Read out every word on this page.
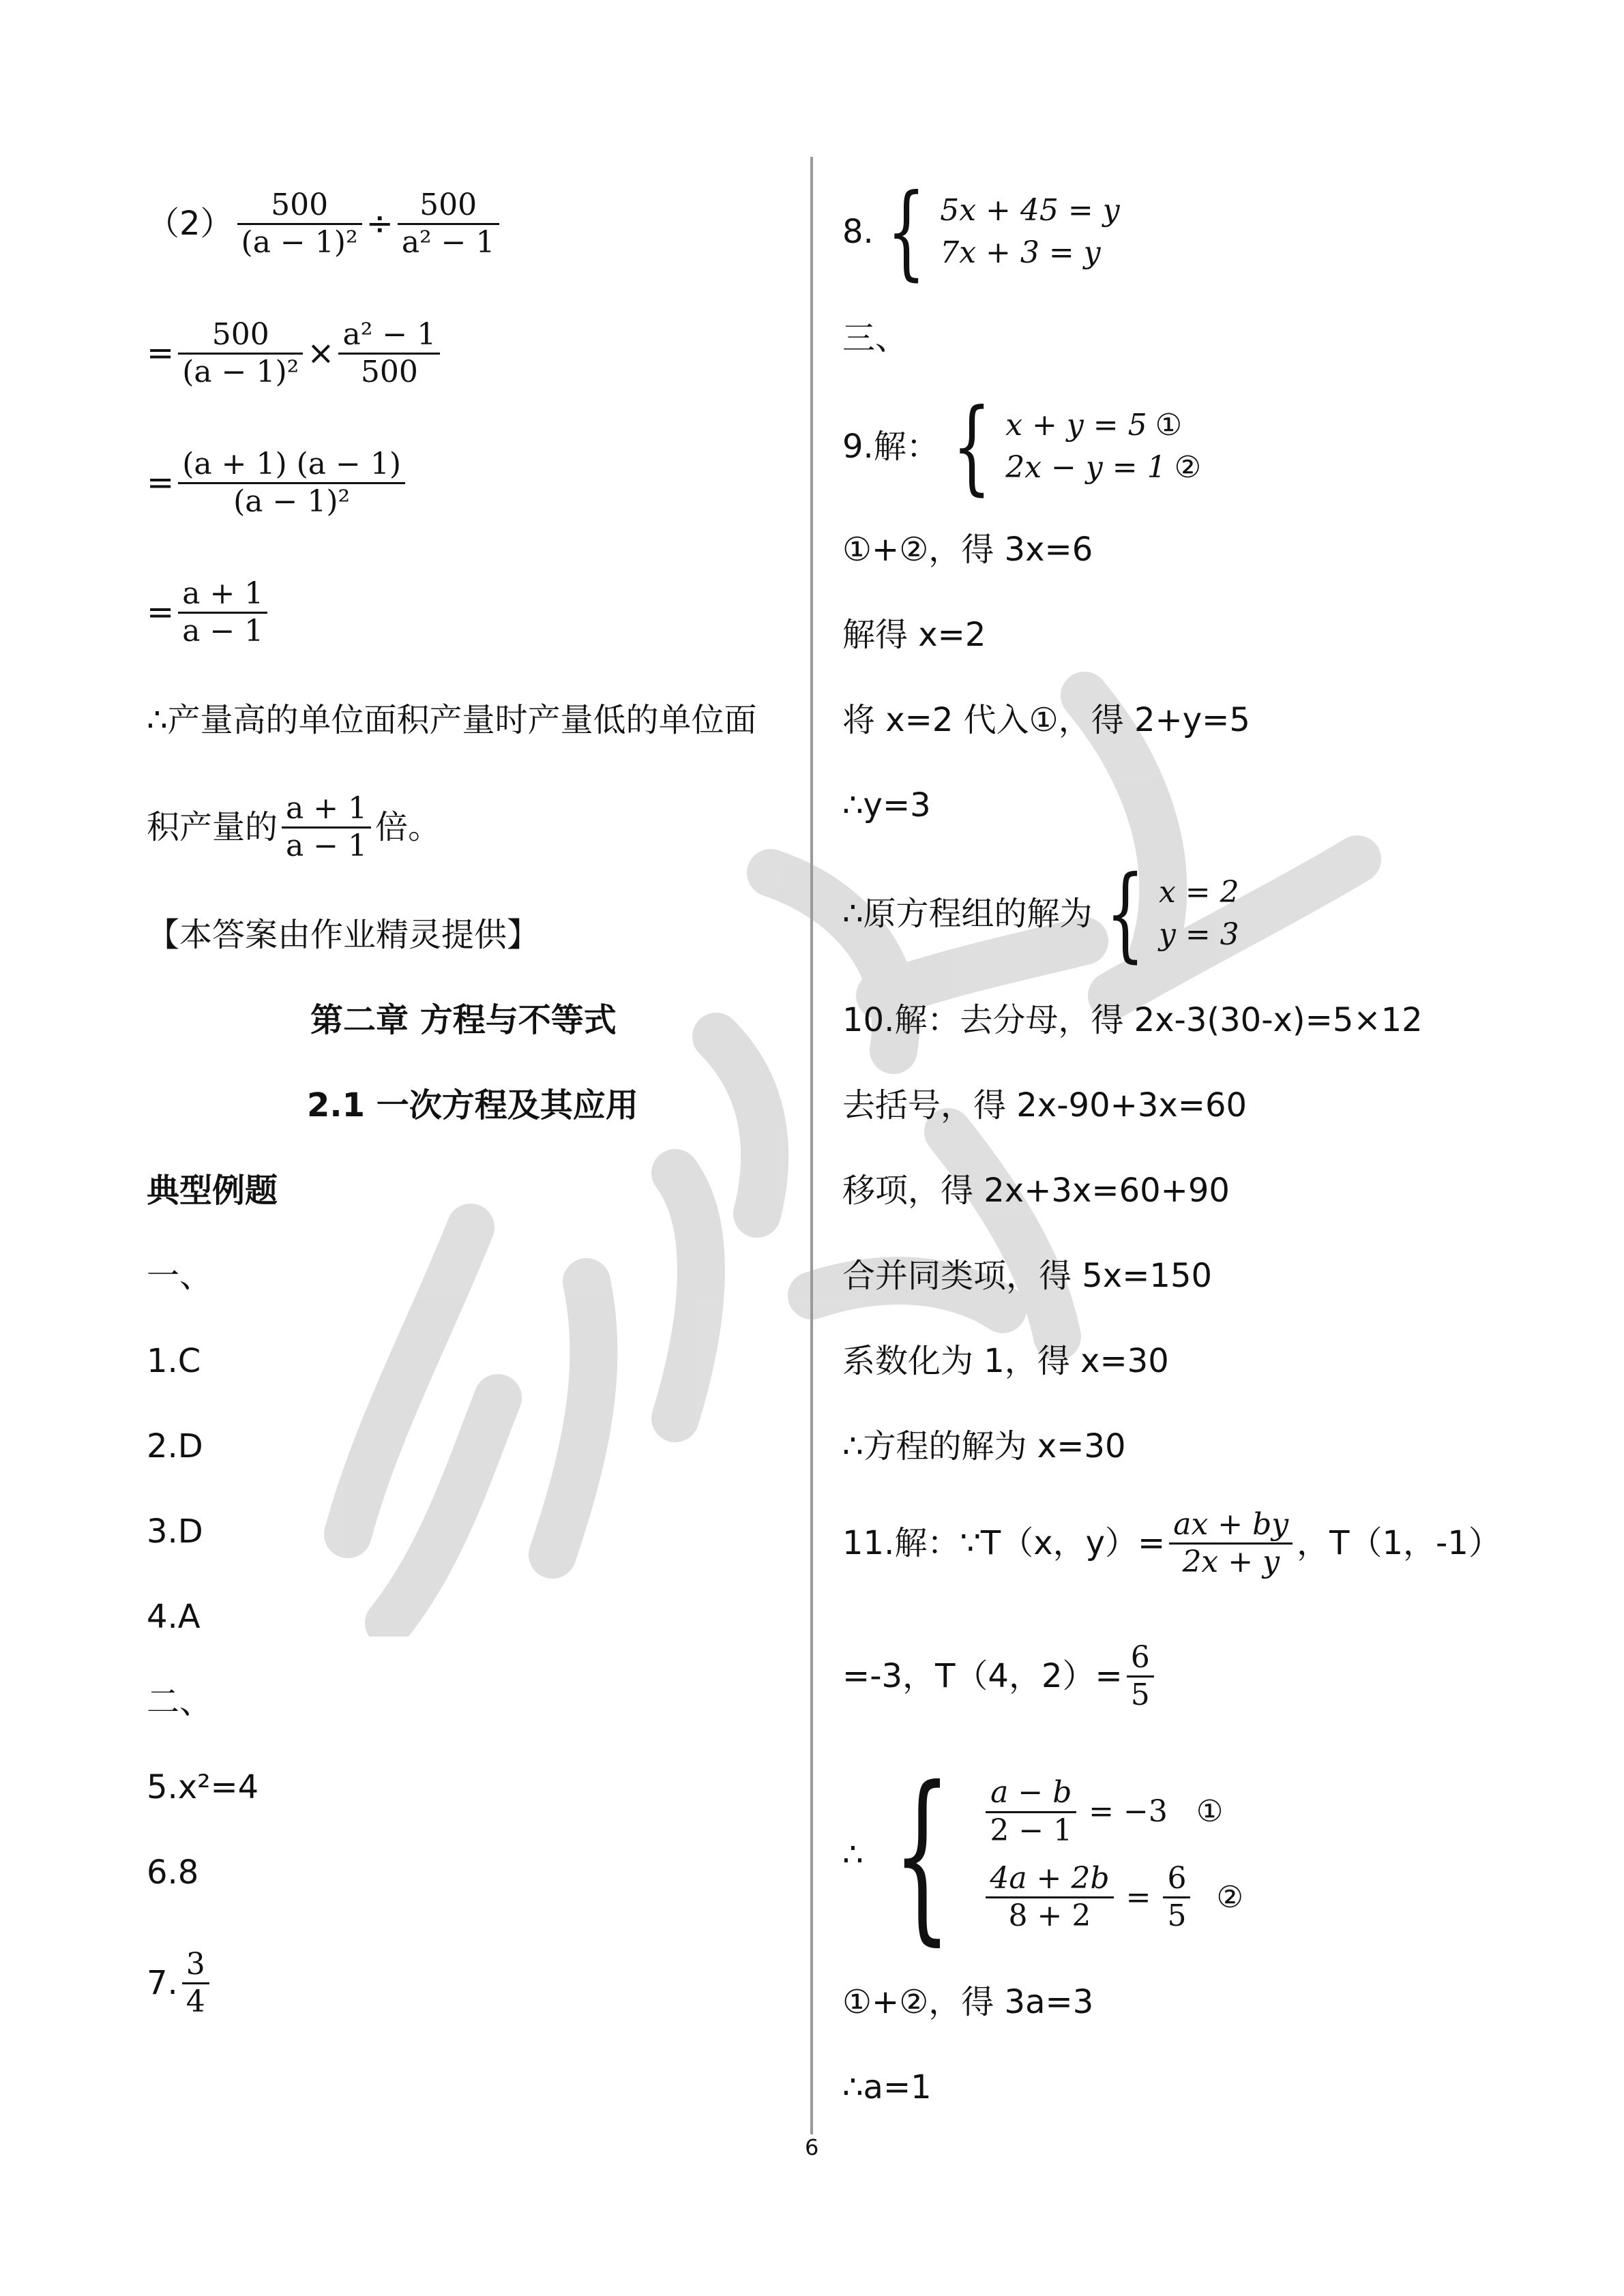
$(2) \frac{500}{\text{(a − 1)²}} \div \frac{500}{\text{a² − 1}}$
= $\frac{500}{\text{(a − 1)²}} \times \frac{\text{a² − 1}}{500}$
= $\frac{(a + 1) (a - 1)}{\text{(a − 1)²}}$
= $\frac{a + 1}{a - 1}$
∴产量高的单位面积产量时产量低的单位面
积产量的 $\frac{a + 1}{a - 1}$ 倍。
【本答案由作业精灵提供】
第二章 方程与不等式
2.1 一次方程及其应用
典型例题
一、
1.C
2.D
3.D
4.A
二、
5.x²=4
6.8
7. $\frac{3}{4}$
8. { 5x + 45 = y
7x + 3 = y
三、
9.解： { x + y = 5 ①
2x − y = 1 ②
①+②，得 3x=6
解得 x=2
将 x=2 代入①，得 2+y=5
∴y=3
∴原方程组的解为 { x = 2
y = 3
10.解：去分母，得 2x-3(30-x)=5×12
去括号，得 2x-90+3x=60
移项，得 2x+3x=60+90
合并同类项，得 5x=150
系数化为 1，得 x=30
∴方程的解为 x=30
11.解：∵T（x，$y)= \frac{ax + by}{2x + y}$ ，T（1，-1）
=-3，T（4，$2)= \frac{6}{5}$
∴ { $\frac{a - b}{2 - 1} = -3$ ①
$\frac{4a + 2b}{8 + 2} = \frac{6}{5}$ ②
①+②，得 3a=3
∴a=1
6
